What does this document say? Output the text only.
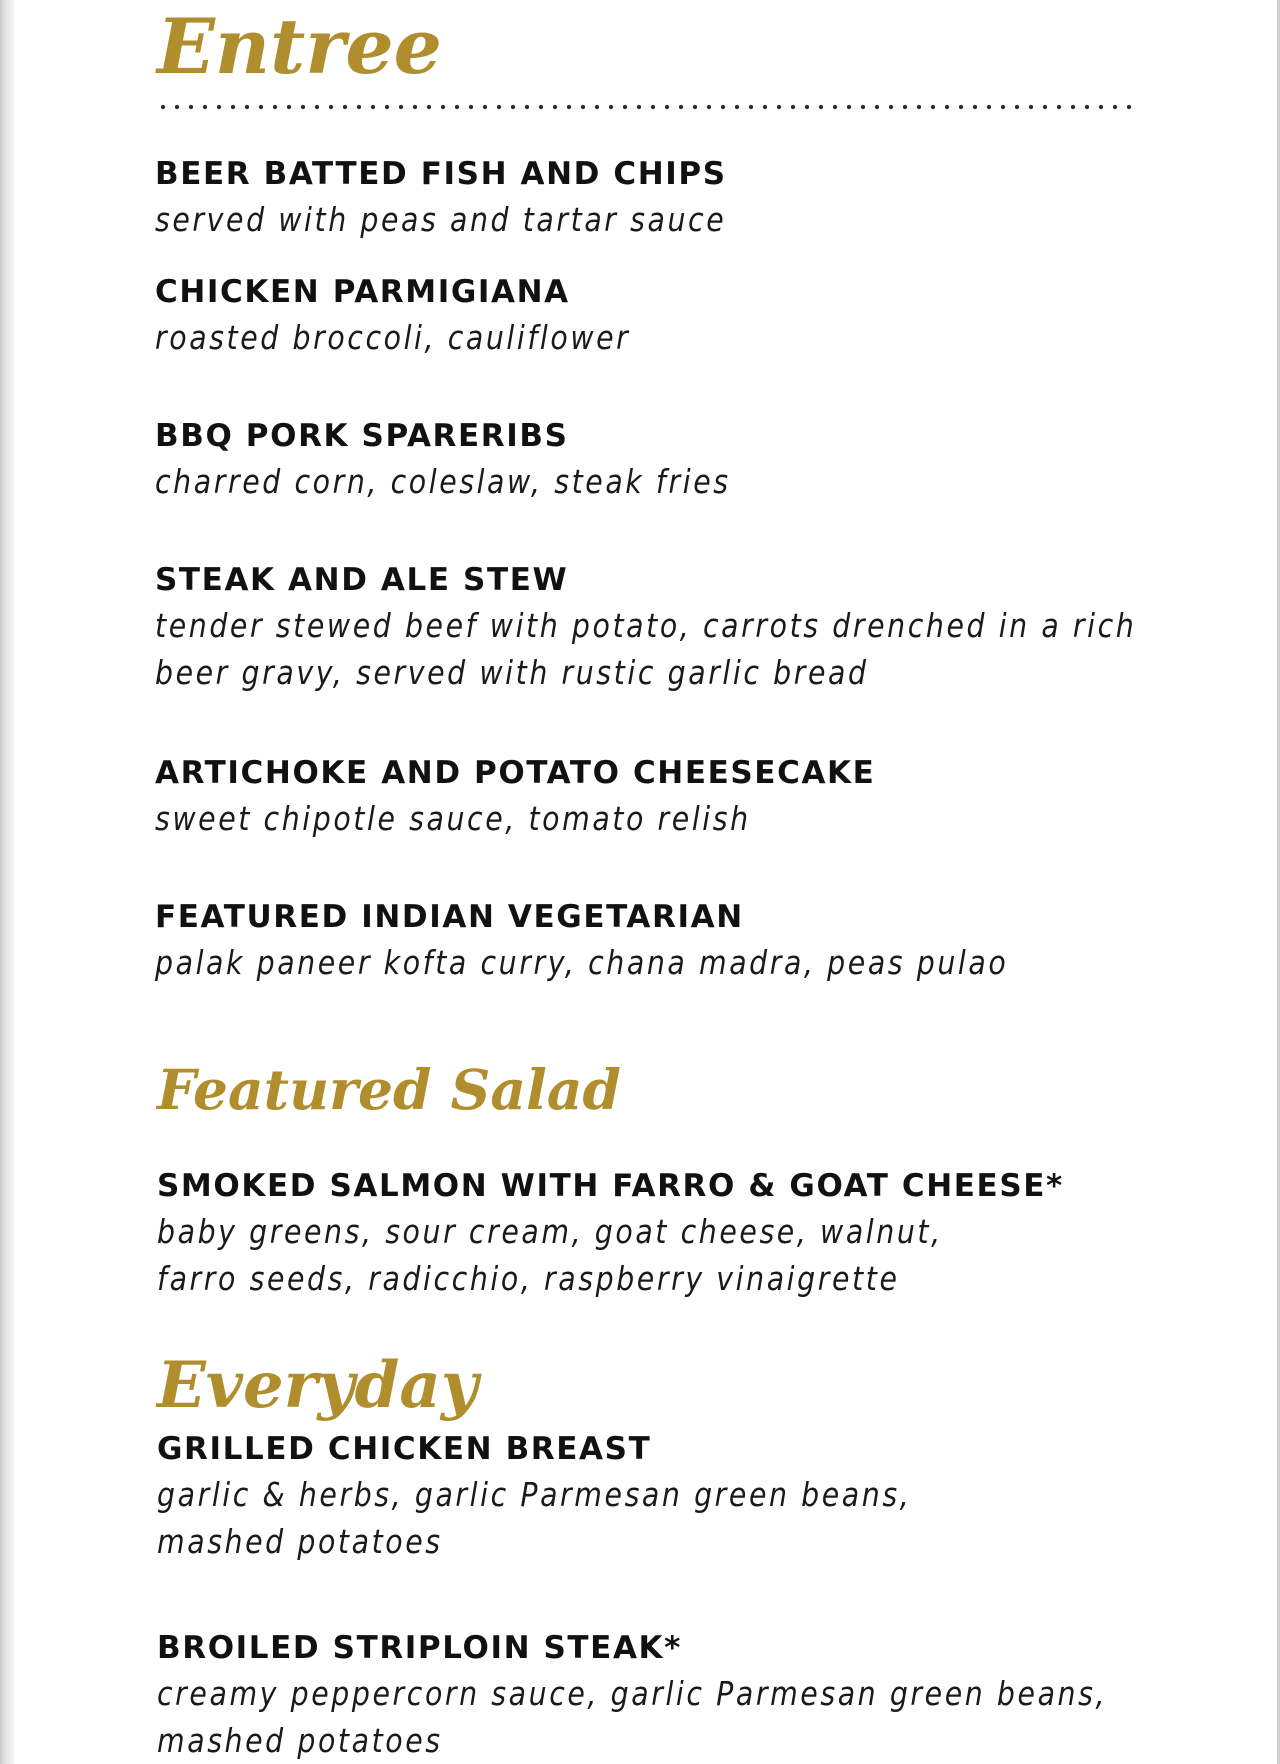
Entree
BEER BATTED FISH AND CHIPS
served with peas and tartar sauce
CHICKEN PARMIGIANA
roasted broccoli, cauliflower
BBQ PORK SPARERIBS
charred corn, coleslaw, steak fries
STEAK AND ALE STEW
tender stewed beef with potato, carrots drenched in a rich
beer gravy, served with rustic garlic bread
ARTICHOKE AND POTATO CHEESECAKE
sweet chipotle sauce, tomato relish
FEATURED INDIAN VEGETARIAN
palak paneer kofta curry, chana madra, peas pulao
Featured Salad
SMOKED SALMON WITH FARRO & GOAT CHEESE*
baby greens, sour cream, goat cheese, walnut,
farro seeds, radicchio, raspberry vinaigrette
Everyday
GRILLED CHICKEN BREAST
garlic & herbs, garlic Parmesan green beans,
mashed potatoes
BROILED STRIPLOIN STEAK*
creamy peppercorn sauce, garlic Parmesan green beans,
mashed potatoes
